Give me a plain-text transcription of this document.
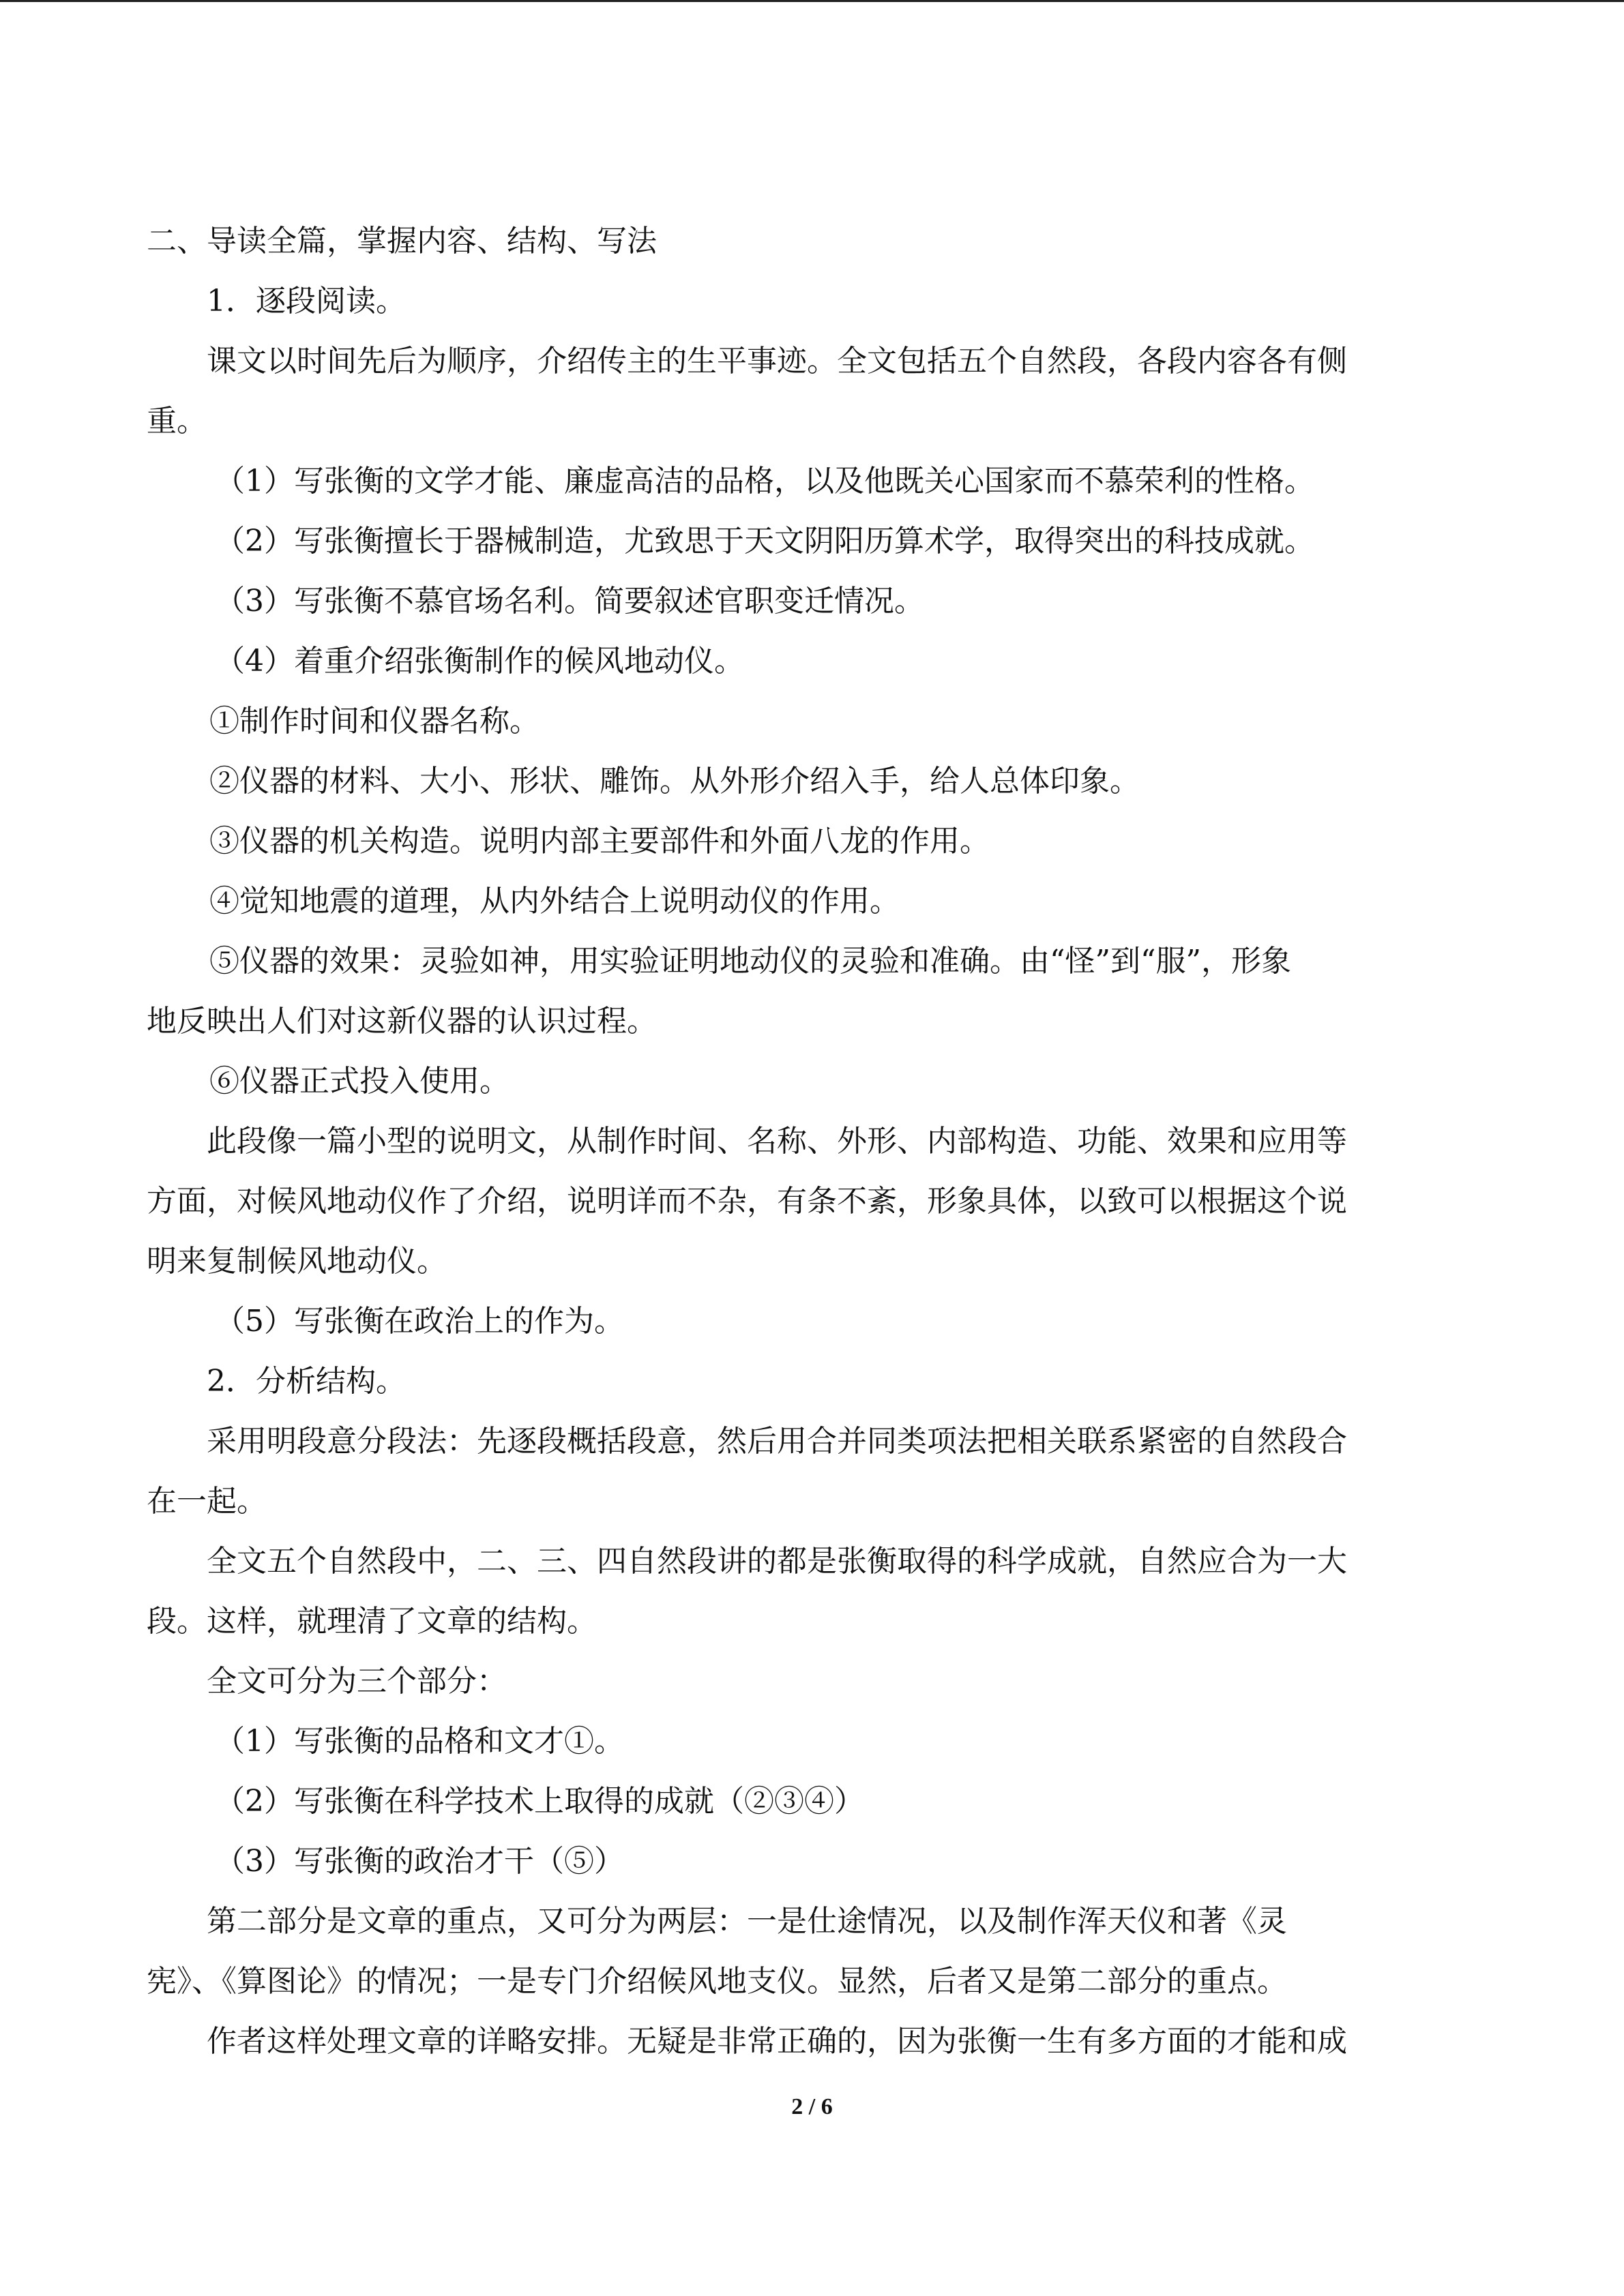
二、导读全篇，掌握内容、结构、写法

1．逐段阅读。

课文以时间先后为顺序，介绍传主的生平事迹。全文包括五个自然段，各段内容各有侧

重。

（1）写张衡的文学才能、廉虚高洁的品格，以及他既关心国家而不慕荣利的性格。

（2）写张衡擅长于器械制造，尤致思于天文阴阳历算术学，取得突出的科技成就。

（3）写张衡不慕官场名利。简要叙述官职变迁情况。

（4）着重介绍张衡制作的候风地动仪。

①制作时间和仪器名称。

②仪器的材料、大小、形状、雕饰。从外形介绍入手，给人总体印象。

③仪器的机关构造。说明内部主要部件和外面八龙的作用。

④觉知地震的道理，从内外结合上说明动仪的作用。

⑤仪器的效果：灵验如神，用实验证明地动仪的灵验和准确。由“怪”到“服”，形象

地反映出人们对这新仪器的认识过程。

⑥仪器正式投入使用。

此段像一篇小型的说明文，从制作时间、名称、外形、内部构造、功能、效果和应用等

方面，对候风地动仪作了介绍，说明详而不杂，有条不紊，形象具体，以致可以根据这个说

明来复制候风地动仪。

（5）写张衡在政治上的作为。

2．分析结构。

采用明段意分段法：先逐段概括段意，然后用合并同类项法把相关联系紧密的自然段合

在一起。

全文五个自然段中，二、三、四自然段讲的都是张衡取得的科学成就，自然应合为一大

段。这样，就理清了文章的结构。

全文可分为三个部分：

（1）写张衡的品格和文才①。

（2）写张衡在科学技术上取得的成就（②③④）

（3）写张衡的政治才干（⑤）

第二部分是文章的重点，又可分为两层：一是仕途情况，以及制作浑天仪和著《灵

宪》、《算图论》的情况；一是专门介绍候风地支仪。显然，后者又是第二部分的重点。

作者这样处理文章的详略安排。无疑是非常正确的，因为张衡一生有多方面的才能和成

2 / 6
